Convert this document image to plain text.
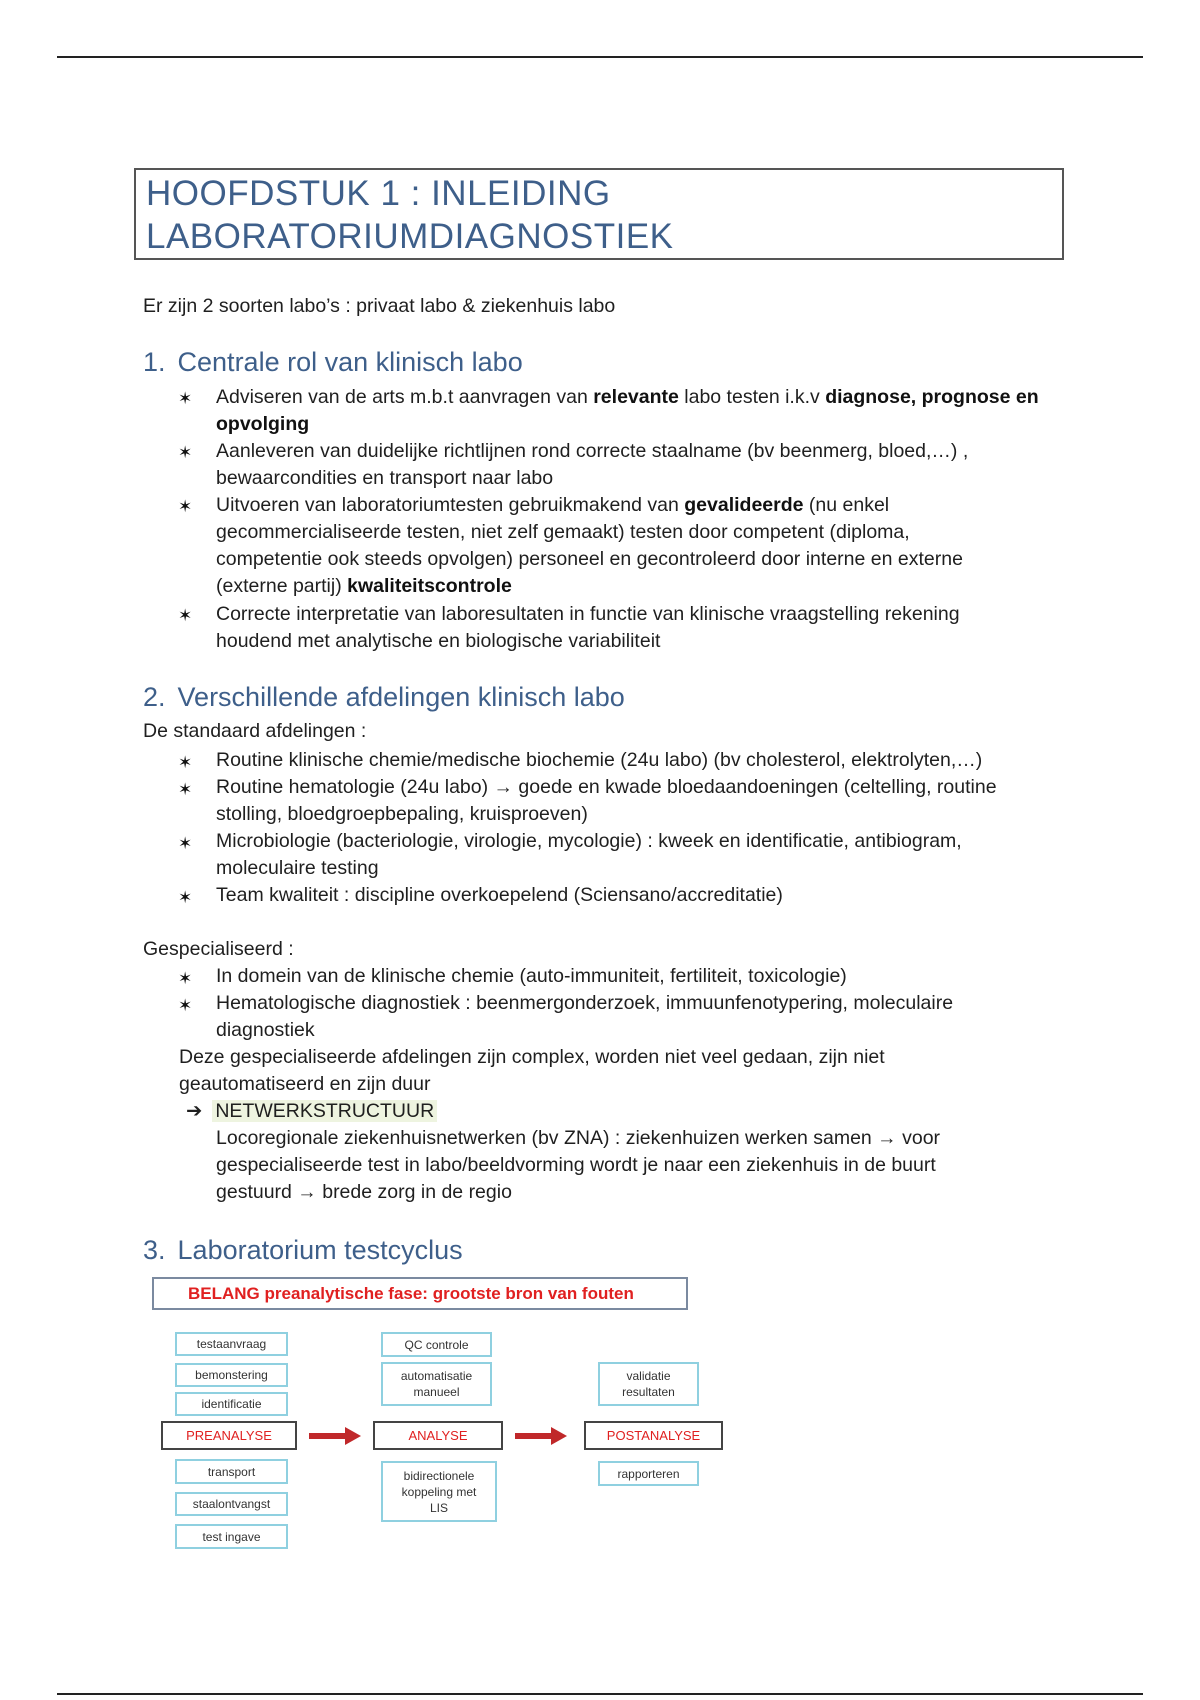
HOOFDSTUK 1 : INLEIDING
LABORATORIUMDIAGNOSTIEK
Er zijn 2 soorten labo’s : privaat labo & ziekenhuis labo
1. Centrale rol van klinisch labo
✶ Adviseren van de arts m.b.t aanvragen van relevante labo testen i.k.v diagnose, prognose en
opvolging
✶ Aanleveren van duidelijke richtlijnen rond correcte staalname (bv beenmerg, bloed,…) ,
bewaarcondities en transport naar labo
✶ Uitvoeren van laboratoriumtesten gebruikmakend van gevalideerde (nu enkel
gecommercialiseerde testen, niet zelf gemaakt) testen door competent (diploma,
competentie ook steeds opvolgen) personeel en gecontroleerd door interne en externe
(externe partij) kwaliteitscontrole
✶ Correcte interpretatie van laboresultaten in functie van klinische vraagstelling rekening
houdend met analytische en biologische variabiliteit
2. Verschillende afdelingen klinisch labo
De standaard afdelingen :
✶ Routine klinische chemie/medische biochemie (24u labo) (bv cholesterol, elektrolyten,…)
✶ Routine hematologie (24u labo) → goede en kwade bloedaandoeningen (celtelling, routine
stolling, bloedgroepbepaling, kruisproeven)
✶ Microbiologie (bacteriologie, virologie, mycologie) : kweek en identificatie, antibiogram,
moleculaire testing
✶ Team kwaliteit : discipline overkoepelend (Sciensano/accreditatie)
Gespecialiseerd :
✶ In domein van de klinische chemie (auto-immuniteit, fertiliteit, toxicologie)
✶ Hematologische diagnostiek : beenmergonderzoek, immuunfenotypering, moleculaire
diagnostiek
Deze gespecialiseerde afdelingen zijn complex, worden niet veel gedaan, zijn niet
geautomatiseerd en zijn duur
➔ NETWERKSTRUCTUUR
Locoregionale ziekenhuisnetwerken (bv ZNA) : ziekenhuizen werken samen → voor
gespecialiseerde test in labo/beeldvorming wordt je naar een ziekenhuis in de buurt
gestuurd → brede zorg in de regio
3. Laboratorium testcyclus
BELANG preanalytische fase: grootste bron van fouten
testaanvraag
bemonstering
identificatie
PREANALYSE
transport
staalontvangst
test ingave
QC controle
automatisatie manueel
ANALYSE
bidirectionele koppeling met LIS
validatie resultaten
POSTANALYSE
rapporteren
